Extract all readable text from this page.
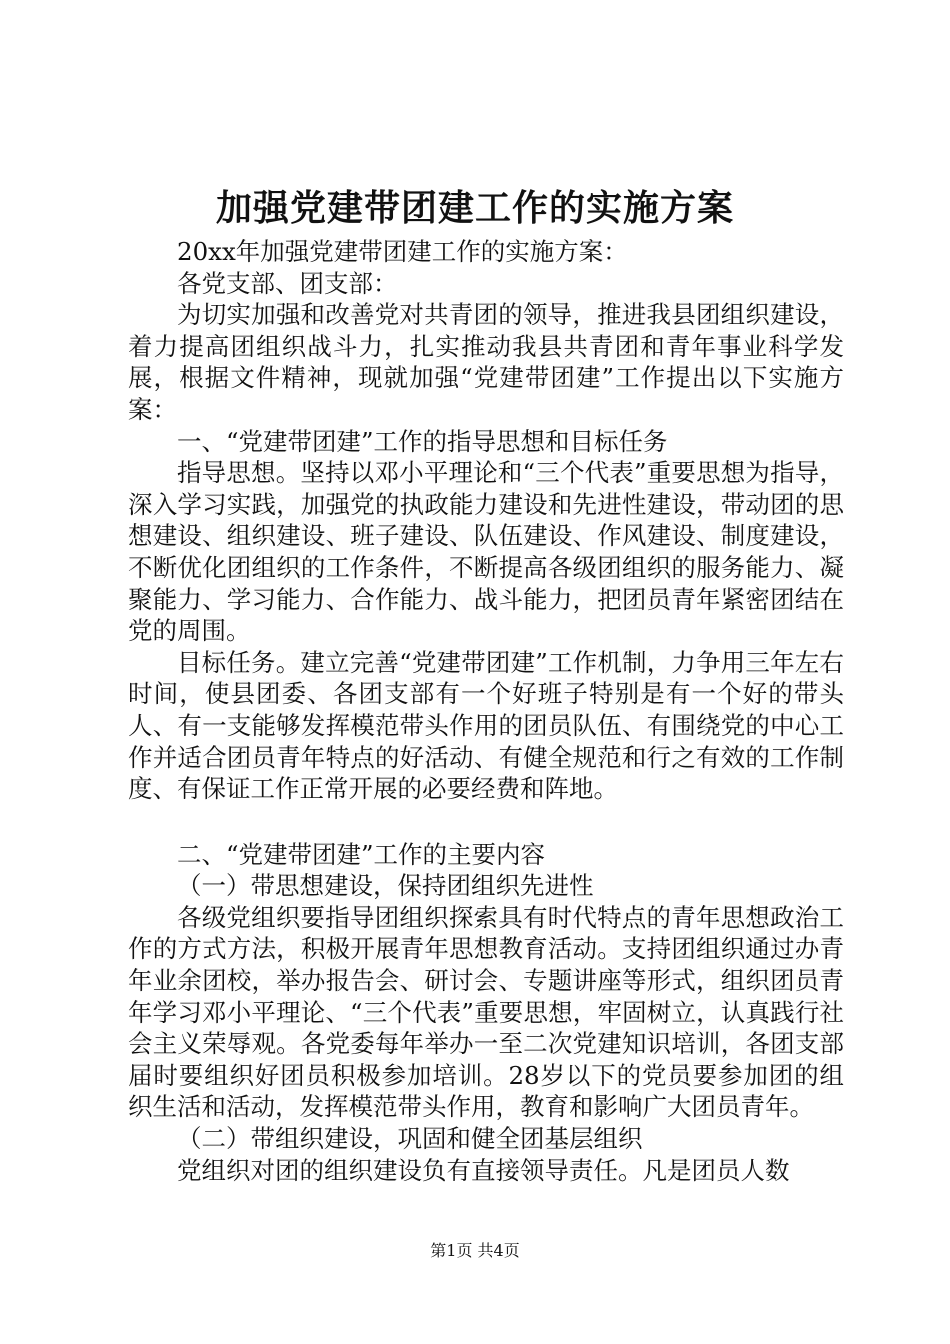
加强党建带团建工作的实施方案

20xx年加强党建带团建工作的实施方案：

各党支部、团支部：

为切实加强和改善党对共青团的领导，推进我县团组织建设，着力提高团组织战斗力，扎实推动我县共青团和青年事业科学发展，根据文件精神，现就加强“党建带团建”工作提出以下实施方案：

一、“党建带团建”工作的指导思想和目标任务

指导思想。坚持以邓小平理论和“三个代表”重要思想为指导，深入学习实践，加强党的执政能力建设和先进性建设，带动团的思想建设、组织建设、班子建设、队伍建设、作风建设、制度建设，不断优化团组织的工作条件，不断提高各级团组织的服务能力、凝聚能力、学习能力、合作能力、战斗能力，把团员青年紧密团结在党的周围。

目标任务。建立完善“党建带团建”工作机制，力争用三年左右时间，使县团委、各团支部有一个好班子特别是有一个好的带头人、有一支能够发挥模范带头作用的团员队伍、有围绕党的中心工作并适合团员青年特点的好活动、有健全规范和行之有效的工作制度、有保证工作正常开展的必要经费和阵地。

二、“党建带团建”工作的主要内容

（一）带思想建设，保持团组织先进性

各级党组织要指导团组织探索具有时代特点的青年思想政治工作的方式方法，积极开展青年思想教育活动。支持团组织通过办青年业余团校，举办报告会、研讨会、专题讲座等形式，组织团员青年学习邓小平理论、“三个代表”重要思想，牢固树立，认真践行社会主义荣辱观。各党委每年举办一至二次党建知识培训，各团支部届时要组织好团员积极参加培训。28岁以下的党员要参加团的组织生活和活动，发挥模范带头作用，教育和影响广大团员青年。

（二）带组织建设，巩固和健全团基层组织

党组织对团的组织建设负有直接领导责任。凡是团员人数

第1页 共4页
